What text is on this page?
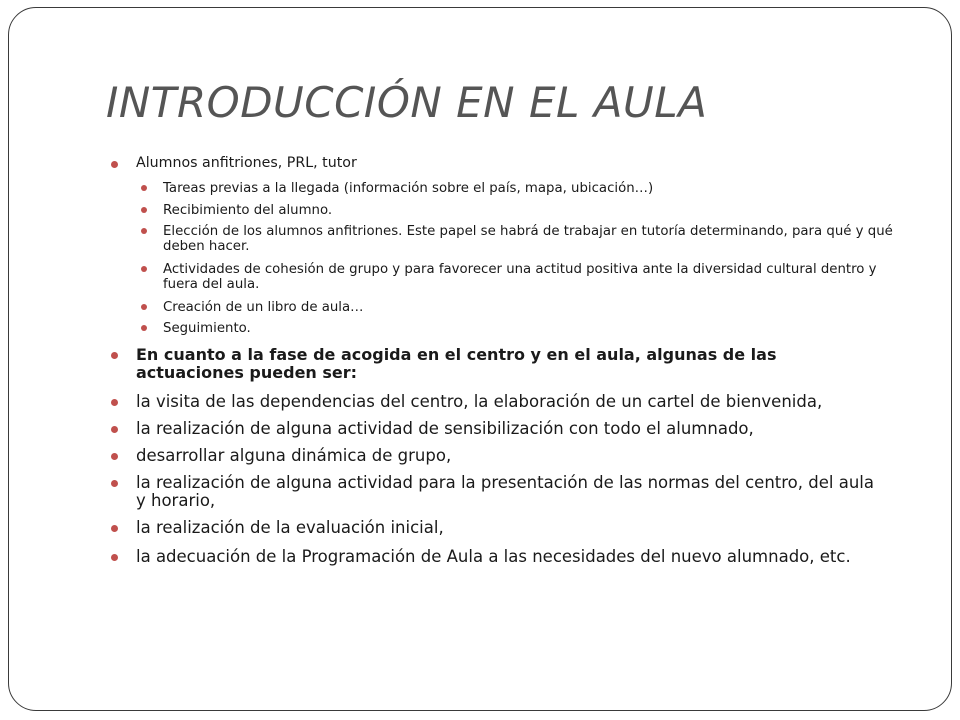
INTRODUCCIÓN EN EL AULA
Alumnos anfitriones, PRL, tutor
Tareas previas a la llegada (información sobre el país, mapa, ubicación…)
Recibimiento del alumno.
Elección de los alumnos anfitriones. Este papel se habrá de trabajar en tutoría determinando, para qué y qué deben hacer.
Actividades de cohesión de grupo y para favorecer una actitud positiva ante la diversidad cultural dentro y fuera del aula.
Creación de un libro de aula…
Seguimiento.
En cuanto a la fase de acogida en el centro y en el aula, algunas de las actuaciones pueden ser:
la visita de las dependencias del centro, la elaboración de un cartel de bienvenida,
la realización de alguna actividad de sensibilización con todo el alumnado,
desarrollar alguna dinámica de grupo,
la realización de alguna actividad para la presentación de las normas del centro, del aula y horario,
la realización de la evaluación inicial,
la adecuación de la Programación de Aula a las necesidades del nuevo alumnado, etc.
